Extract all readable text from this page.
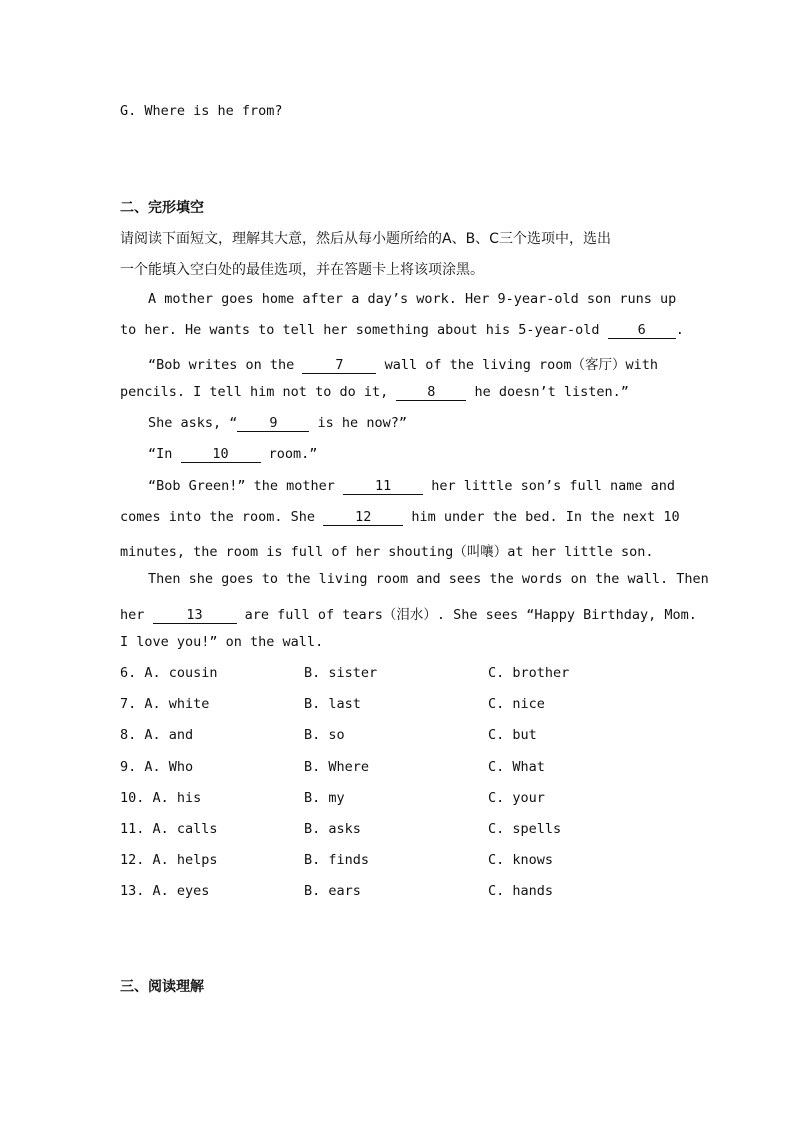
G. Where is he from?
二、完形填空
请阅读下面短文，理解其大意，然后从每小题所给的A、B、C三个选项中，选出
一个能填入空白处的最佳选项，并在答题卡上将该项涂黑。
A mother goes home after a day’s work. Her 9-year-old son runs up
to her. He wants to tell her something about his 5-year-old	6 .
“Bob writes on the	7	wall of the living room（客厅）with
pencils. I tell him not to do it,	8	he doesn’t listen.”
She asks, “ 9	is he now?”
“In	10	room.”
“Bob Green!” the mother	11	her little son’s full name and
comes into the room. She	12	him under the bed. In the next 10
minutes, the room is full of her shouting（叫嚷）at her little son.
Then she goes to the living room and sees the words on the wall. Then
her	13	are full of tears（泪水）. She sees “Happy Birthday, Mom.
I love you!” on the wall.
6. A. cousin	B. sister	C. brother
7. A. white	B. last	C. nice
8. A. and	B. so	C. but
9. A. Who	B. Where	C. What
10. A. his	B. my	C. your
11. A. calls	B. asks	C. spells
12. A. helps	B. finds	C. knows
13. A. eyes	B. ears	C. hands
三、阅读理解
